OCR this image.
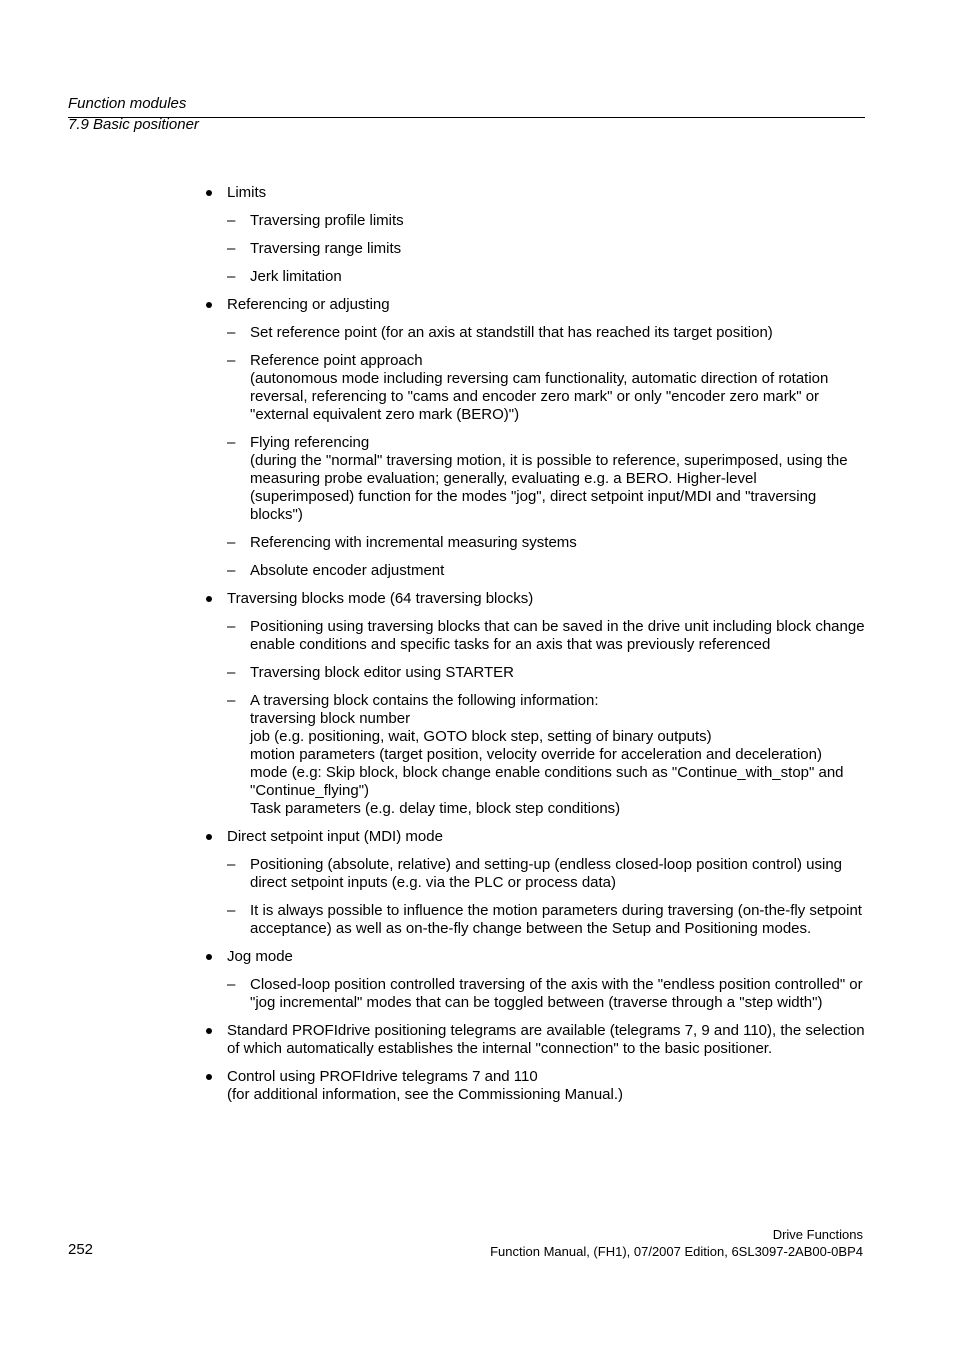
Function modules
7.9 Basic positioner
Limits
– Traversing profile limits
– Traversing range limits
– Jerk limitation
Referencing or adjusting
– Set reference point (for an axis at standstill that has reached its target position)
– Reference point approach
(autonomous mode including reversing cam functionality, automatic direction of rotation reversal, referencing to "cams and encoder zero mark" or only "encoder zero mark" or "external equivalent zero mark (BERO)")
– Flying referencing
(during the "normal" traversing motion, it is possible to reference, superimposed, using the measuring probe evaluation; generally, evaluating e.g. a BERO. Higher-level (superimposed) function for the modes "jog", direct setpoint input/MDI and "traversing blocks")
– Referencing with incremental measuring systems
– Absolute encoder adjustment
Traversing blocks mode (64 traversing blocks)
– Positioning using traversing blocks that can be saved in the drive unit including block change enable conditions and specific tasks for an axis that was previously referenced
– Traversing block editor using STARTER
– A traversing block contains the following information:
traversing block number
job (e.g. positioning, wait, GOTO block step, setting of binary outputs)
motion parameters (target position, velocity override for acceleration and deceleration)
mode (e.g: Skip block, block change enable conditions such as "Continue_with_stop" and "Continue_flying")
Task parameters (e.g. delay time, block step conditions)
Direct setpoint input (MDI) mode
– Positioning (absolute, relative) and setting-up (endless closed-loop position control) using direct setpoint inputs (e.g. via the PLC or process data)
– It is always possible to influence the motion parameters during traversing (on-the-fly setpoint acceptance) as well as on-the-fly change between the Setup and Positioning modes.
Jog mode
– Closed-loop position controlled traversing of the axis with the "endless position controlled" or "jog incremental" modes that can be toggled between (traverse through a "step width")
Standard PROFIdrive positioning telegrams are available (telegrams 7, 9 and 110), the selection of which automatically establishes the internal "connection" to the basic positioner.
Control using PROFIdrive telegrams 7 and 110
(for additional information, see the Commissioning Manual.)
252
Drive Functions
Function Manual, (FH1), 07/2007 Edition, 6SL3097-2AB00-0BP4
